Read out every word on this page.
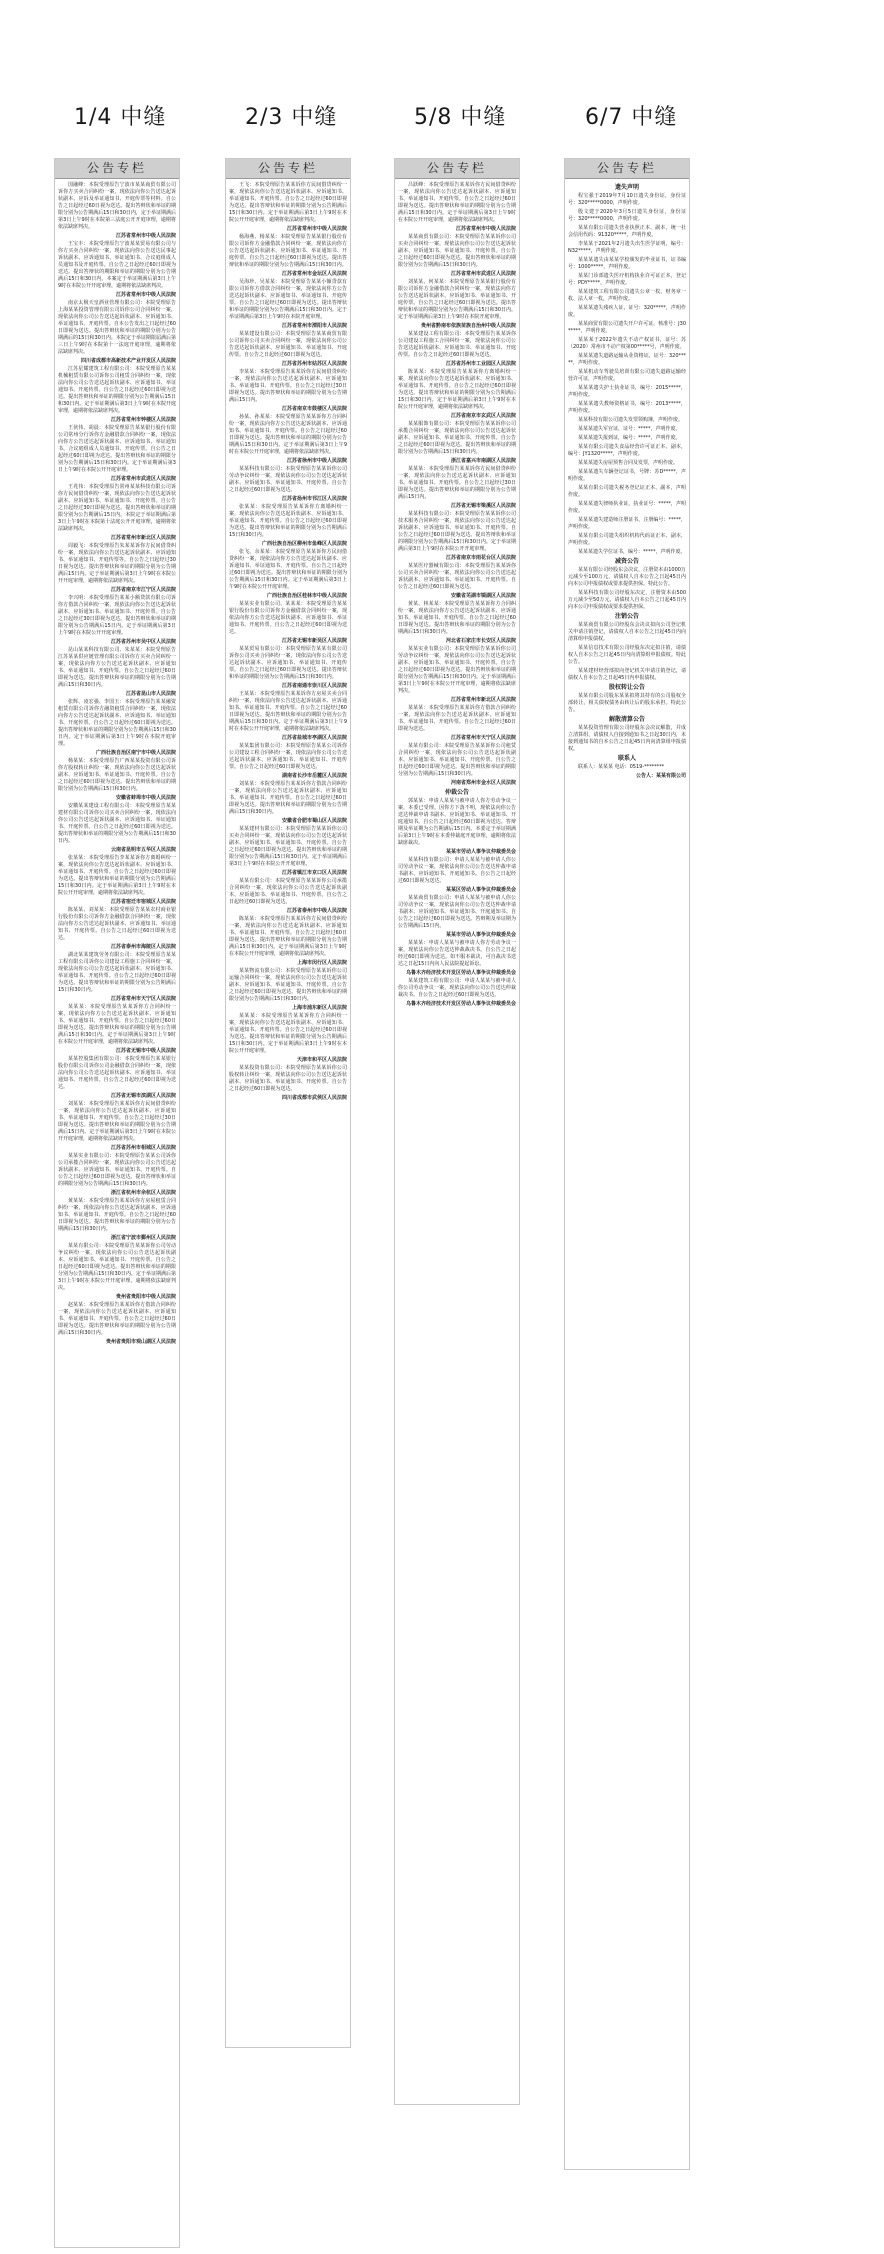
1/4 中缝	2/3 中缝	5/8 中缝	6/7 中缝
公告专栏

国融峰：本院受理原告宁波市某某商贸有限公司诉你方买卖合同纠纷一案，现依法向你公告送达起诉状副本、应诉及举证通知书、开庭传票等材料。自公告之日起经过60日视为送达。提出答辩状和举证的期限分别为公告期满后15日和30日内，定于举证期满后第3日上午9时在本院第三法庭公开开庭审理，逾期将依法缺席判决。

江苏省常州市中级人民法院

王宝丰：本院受理原告宁波某某贸易有限公司与你方买卖合同纠纷一案，现依法向你公告送达民事起诉状副本、应诉通知书、举证通知书、合议庭组成人员通知书及开庭传票。自公告之日起经过60日即视为送达。提出答辩状的期限和举证的期限分别为公告期满后15日和30日内。本案定于举证期满后第3日上午9时在本院公开开庭审理，逾期将依法缺席判决。

江苏省常州市中级人民法院

南京太极天皇酒业管理有限公司：本院受理原告上海某某投资管理有限公司诉你公司合同纠纷一案，现依法向你公司公告送达起诉状副本、应诉通知书、举证通知书、开庭传票。自本公告发出之日起经过60日即视为送达。提出答辩状和举证的期限分别为公告期满后的15日和30日内。本院定于举证期限届满后第三日上午9时在本院第十一法庭开庭审理，逾期将依法缺席判决。

四川省成都市高新技术产业开发区人民法院

江苏星耀建筑工程有限公司：本院受理原告某某机械租赁有限公司诉你公司租赁合同纠纷一案，现依法向你公司公告送达起诉状副本、应诉通知书、举证通知书、开庭传票。自公告之日起经过60日即视为送达。提出答辩状和举证的期限分别为公告期满后15日和30日内。定于举证期满后第3日上午9时在本院开庭审理，逾期将依法缺席判决。

江苏省常州市钟楼区人民法院

王侠伟、胡晨：本院受理原告某某银行股份有限公司常州分行诉你方金融借款合同纠纷一案，现依法向你方公告送达起诉状副本、应诉通知书、举证通知书、合议庭组成人员通知书、开庭传票。自公告之日起经过60日即视为送达。提出答辩状和举证的期限分别为公告期满后15日和30日内。定于举证期满后第3日上午9时在本院公开开庭审理。

江苏省常州市武进区人民法院

王兆伟：本院受理原告常州某某科技有限公司诉你方民间借贷纠纷一案，现依法向你公告送达起诉状副本、应诉通知书、举证通知书、开庭传票。自公告之日起经过30日即视为送达。提出答辩状和举证的期限分别为公告期满后15日内。本院定于举证期满后第3日上午9时在本院第十法庭公开开庭审理，逾期将依法缺席判决。

江苏省常州市新北区人民法院

周毅飞：本院受理原告朱某某诉你方民间借贷纠纷一案，现依法向你公告送达起诉状副本、应诉通知书、举证通知书、开庭传票等。自公告之日起经过30日视为送达。提出答辩状和举证的期限分别为公告期满后15日内。定于举证期满后第3日上午9时在本院公开开庭审理，逾期将依法缺席判决。

江苏省南京市江宁区人民法院

李兴明：本院受理原告某某小额贷款有限公司诉你方借款合同纠纷一案，现依法向你公告送达起诉状副本、应诉通知书、举证通知书、开庭传票。自公告之日起经过30日即视为送达。提出答辩状和举证的期限分别为公告期满后15日内。定于举证期满后第3日上午9时在本院公开开庭审理。

江苏省苏州市吴中区人民法院

昆山某某科技有限公司、朱某某：本院受理原告江苏某某供应链管理有限公司诉你方买卖合同纠纷一案，现依法向你方公告送达起诉状副本、应诉通知书、举证通知书、开庭传票。自公告之日起经过60日即视为送达。提出答辩状和举证的期限分别为公告期满后15日和30日内。

江苏省昆山市人民法院

张辉、凌宏强、李国玉：本院受理原告某某融资租赁有限公司诉你方融资租赁合同纠纷一案，现依法向你方公告送达起诉状副本、应诉通知书、举证通知书、开庭传票。自公告之日起经过60日即视为送达。提出答辩状和举证的期限分别为公告期满后15日和30日内。定于举证期满后第3日上午9时在本院开庭审理。

广西壮族自治区南宁市中级人民法院

杨某某：本院受理原告广西某某投资有限公司诉你方股权转让纠纷一案，现依法向你公告送达起诉状副本、应诉通知书、举证通知书、开庭传票。自公告之日起经过60日即视为送达。提出答辩状和举证的期限分别为公告期满后15日和30日内。

安徽省蚌埠市中级人民法院

安徽某某建设工程有限公司：本院受理原告某某建材有限公司诉你公司买卖合同纠纷一案，现依法向你公司公告送达起诉状副本、应诉通知书、举证通知书、开庭传票。自公告之日起经过60日即视为送达。提出答辩状和举证的期限分别为公告期满后15日和30日内。

云南省昆明市五华区人民法院

张某某：本院受理原告李某某诉你方离婚纠纷一案，现依法向你公告送达起诉状副本、应诉通知书、举证通知书、开庭传票。自公告之日起经过60日即视为送达。提出答辩状和举证的期限分别为公告期满后15日和30日内。定于举证期满后第3日上午9时在本院公开开庭审理，逾期将依法缺席判决。

江苏省宿迁市宿城区人民法院

陈某某、刘某某：本院受理原告某某农村商业银行股份有限公司诉你方金融借款合同纠纷一案，现依法向你方公告送达起诉状副本、应诉通知书、举证通知书、开庭传票。自公告之日起经过60日即视为送达。

江苏省泰州市海陵区人民法院

湖北某某建筑劳务有限公司：本院受理原告某某工程有限公司诉你公司建设工程施工合同纠纷一案，现依法向你公司公告送达起诉状副本、应诉通知书、举证通知书、开庭传票。自公告之日起经过60日即视为送达。提出答辩状和举证的期限分别为公告期满后15日和30日内。

江苏省常州市天宁区人民法院

某某某：本院受理原告某某诉你方合同纠纷一案，现依法向你方公告送达起诉状副本、应诉通知书、举证通知书、开庭传票。自公告之日起经过60日即视为送达。提出答辩状和举证的期限分别为公告期满后15日和30日内。定于举证期满后第3日上午9时在本院公开开庭审理，逾期将依法缺席判决。

江苏省无锡市中级人民法院

某某控股集团有限公司：本院受理原告某某银行股份有限公司诉你公司金融借款合同纠纷一案，现依法向你公司公告送达起诉状副本、应诉通知书、举证通知书、开庭传票。自公告之日起经过60日即视为送达。

江苏省无锡市滨湖区人民法院

刘某某：本院受理原告某某诉你方民间借贷纠纷一案，现依法向你公告送达起诉状副本、应诉通知书、举证通知书、开庭传票。自公告之日起经过30日即视为送达。提出答辩状和举证的期限分别为公告期满后15日内。定于举证期满后第3日上午9时在本院公开开庭审理，逾期将依法缺席判决。

江苏省苏州市相城区人民法院

某某实业有限公司：本院受理原告某某公司诉你公司承揽合同纠纷一案，现依法向你公司公告送达起诉状副本、应诉通知书、举证通知书、开庭传票。自公告之日起经过60日即视为送达。提出答辩状和举证的期限分别为公告期满后15日和30日内。

浙江省杭州市余杭区人民法院

黄某某：本院受理原告某某诉你方房屋租赁合同纠纷一案，现依法向你公告送达起诉状副本、应诉通知书、举证通知书、开庭传票。自公告之日起经过60日即视为送达。提出答辩状和举证的期限分别为公告期满后15日和30日内。

浙江省宁波市鄞州区人民法院

某某有限公司：本院受理原告某某诉你公司劳动争议纠纷一案，现依法向你公司公告送达起诉状副本、应诉通知书、举证通知书、开庭传票。自公告之日起经过60日即视为送达。提出答辩状和举证的期限分别为公告期满后15日和30日内。定于举证期满后第3日上午9时在本院公开开庭审理，逾期将依法缺席判决。

贵州省贵阳市中级人民法院

赵某某：本院受理原告某某诉你方借款合同纠纷一案，现依法向你公告送达起诉状副本、应诉通知书、举证通知书、开庭传票。自公告之日起经过60日即视为送达。提出答辩状和举证的期限分别为公告期满后15日和30日内。

贵州省贵阳市观山湖区人民法院

公告专栏

王飞：本院受理原告某某诉你方民间借贷纠纷一案，现依法向你公告送达起诉状副本、应诉通知书、举证通知书、开庭传票。自公告之日起经过60日即视为送达。提出答辩状和举证的期限分别为公告期满后15日和30日内。定于举证期满后第3日上午9时在本院公开开庭审理，逾期将依法缺席判决。

江苏省常州市中级人民法院

杨海燕、杨某某：本院受理原告某某银行股份有限公司诉你方金融借款合同纠纷一案，现依法向你方公告送达起诉状副本、应诉通知书、举证通知书、开庭传票。自公告之日起经过60日即视为送达。提出答辩状和举证的期限分别为公告期满后15日和30日内。

江苏省常州市金坛区人民法院

吴海珍、吴某某：本院受理原告某某小额贷款有限公司诉你方借款合同纠纷一案，现依法向你方公告送达起诉状副本、应诉通知书、举证通知书、开庭传票。自公告之日起经过60日即视为送达。提出答辩状和举证的期限分别为公告期满后15日和30日内。定于举证期满后第3日上午9时在本院开庭审理。

江苏省常州市溧阳市人民法院

某某建设有限公司：本院受理原告某某商贸有限公司诉你公司买卖合同纠纷一案，现依法向你公司公告送达起诉状副本、应诉通知书、举证通知书、开庭传票。自公告之日起经过60日即视为送达。

江苏省苏州市姑苏区人民法院

李某某：本院受理原告某某诉你方民间借贷纠纷一案，现依法向你公告送达起诉状副本、应诉通知书、举证通知书、开庭传票。自公告之日起经过30日即视为送达。提出答辩状和举证的期限分别为公告期满后15日内。

江苏省南京市鼓楼区人民法院

孙某、孙某某：本院受理原告某某诉你方合同纠纷一案，现依法向你方公告送达起诉状副本、应诉通知书、举证通知书、开庭传票。自公告之日起经过60日即视为送达。提出答辩状和举证的期限分别为公告期满后15日和30日内。定于举证期满后第3日上午9时在本院公开开庭审理，逾期将依法缺席判决。

江苏省徐州市中级人民法院

某某科技有限公司：本院受理原告某某诉你公司劳动争议纠纷一案，现依法向你公司公告送达起诉状副本、应诉通知书、举证通知书、开庭传票。自公告之日起经过60日即视为送达。

江苏省扬州市邗江区人民法院

张某某：本院受理原告某某诉你方离婚纠纷一案，现依法向你公告送达起诉状副本、应诉通知书、举证通知书、开庭传票。自公告之日起经过60日即视为送达。提出答辩状和举证的期限分别为公告期满后15日和30日内。

广西壮族自治区柳州市鱼峰区人民法院

张飞、余某某：本院受理原告某某诉你方民间借贷纠纷一案，现依法向你方公告送达起诉状副本、应诉通知书、举证通知书、开庭传票。自公告之日起经过60日即视为送达。提出答辩状和举证的期限分别为公告期满后15日和30日内。定于举证期满后第3日上午9时在本院公开开庭审理。

广西壮族自治区桂林市中级人民法院

某某实业有限公司、某某某：本院受理原告某某银行股份有限公司诉你方金融借款合同纠纷一案，现依法向你方公告送达起诉状副本、应诉通知书、举证通知书、开庭传票。自公告之日起经过60日即视为送达。

江苏省无锡市新吴区人民法院

某某贸易有限公司：本院受理原告某某有限公司诉你公司买卖合同纠纷一案，现依法向你公司公告送达起诉状副本、应诉通知书、举证通知书、开庭传票。自公告之日起经过60日即视为送达。提出答辩状和举证的期限分别为公告期满后15日和30日内。

江苏省南通市崇川区人民法院

王某某：本院受理原告某某诉你方房屋买卖合同纠纷一案，现依法向你公告送达起诉状副本、应诉通知书、举证通知书、开庭传票。自公告之日起经过60日即视为送达。提出答辩状和举证的期限分别为公告期满后15日和30日内。定于举证期满后第3日上午9时在本院公开开庭审理，逾期将依法缺席判决。

江苏省盐城市亭湖区人民法院

某某集团有限公司：本院受理原告某某公司诉你公司建设工程合同纠纷一案，现依法向你公司公告送达起诉状副本、应诉通知书、举证通知书、开庭传票。自公告之日起经过60日即视为送达。

湖南省长沙市岳麓区人民法院

刘某某：本院受理原告某某诉你方借款合同纠纷一案，现依法向你公告送达起诉状副本、应诉通知书、举证通知书、开庭传票。自公告之日起经过60日即视为送达。提出答辩状和举证的期限分别为公告期满后15日和30日内。

安徽省合肥市蜀山区人民法院

某某建材有限公司：本院受理原告某某诉你公司买卖合同纠纷一案，现依法向你公司公告送达起诉状副本、应诉通知书、举证通知书、开庭传票。自公告之日起经过60日即视为送达。提出答辩状和举证的期限分别为公告期满后15日和30日内。定于举证期满后第3日上午9时在本院公开开庭审理。

江苏省镇江市京口区人民法院

某某有限公司：本院受理原告某某诉你公司承揽合同纠纷一案，现依法向你公司公告送达起诉状副本、应诉通知书、举证通知书、开庭传票。自公告之日起经过60日即视为送达。

江苏省泰州市中级人民法院

陈某某：本院受理原告某某诉你方民间借贷纠纷一案，现依法向你公告送达起诉状副本、应诉通知书、举证通知书、开庭传票。自公告之日起经过60日即视为送达。提出答辩状和举证的期限分别为公告期满后15日和30日内。定于举证期满后第3日上午9时在本院公开开庭审理，逾期将依法缺席判决。

上海市闵行区人民法院

某某物流有限公司：本院受理原告某某诉你公司运输合同纠纷一案，现依法向你公司公告送达起诉状副本、应诉通知书、举证通知书、开庭传票。自公告之日起经过60日即视为送达。提出答辩状和举证的期限分别为公告期满后15日和30日内。

上海市浦东新区人民法院

某某某：本院受理原告某某诉你方合同纠纷一案，现依法向你公告送达起诉状副本、应诉通知书、举证通知书、开庭传票。自公告之日起经过60日即视为送达。提出答辩状和举证的期限分别为公告期满后15日和30日内。定于举证期满后第3日上午9时在本院公开开庭审理。

天津市和平区人民法院

某某投资有限公司：本院受理原告某某诉你公司股权转让纠纷一案，现依法向你公司公告送达起诉状副本、应诉通知书、举证通知书、开庭传票。自公告之日起经过60日即视为送达。

四川省成都市武侯区人民法院

公告专栏

吕跃峰：本院受理原告某某诉你方民间借贷纠纷一案，现依法向你公告送达起诉状副本、应诉通知书、举证通知书、开庭传票。自公告之日起经过60日即视为送达。提出答辩状和举证的期限分别为公告期满后15日和30日内。定于举证期满后第3日上午9时在本院公开开庭审理，逾期将依法缺席判决。

江苏省常州市中级人民法院

某某商贸有限公司：本院受理原告某某诉你公司买卖合同纠纷一案，现依法向你公司公告送达起诉状副本、应诉通知书、举证通知书、开庭传票。自公告之日起经过60日即视为送达。提出答辩状和举证的期限分别为公告期满后15日和30日内。

江苏省常州市武进区人民法院

刘某某、何某某：本院受理原告某某银行股份有限公司诉你方金融借款合同纠纷一案，现依法向你方公告送达起诉状副本、应诉通知书、举证通知书、开庭传票。自公告之日起经过60日即视为送达。提出答辩状和举证的期限分别为公告期满后15日和30日内。定于举证期满后第3日上午9时在本院开庭审理。

贵州省黔南布依族苗族自治州中级人民法院

某某建设工程有限公司：本院受理原告某某诉你公司建设工程施工合同纠纷一案，现依法向你公司公告送达起诉状副本、应诉通知书、举证通知书、开庭传票。自公告之日起经过60日即视为送达。

江苏省苏州市工业园区人民法院

陈某某：本院受理原告某某诉你方离婚纠纷一案，现依法向你公告送达起诉状副本、应诉通知书、举证通知书、开庭传票。自公告之日起经过60日即视为送达。提出答辩状和举证的期限分别为公告期满后15日和30日内。定于举证期满后第3日上午9时在本院公开开庭审理，逾期将依法缺席判决。

江苏省南京市玄武区人民法院

某某服饰有限公司：本院受理原告某某诉你公司承揽合同纠纷一案，现依法向你公司公告送达起诉状副本、应诉通知书、举证通知书、开庭传票。自公告之日起经过60日即视为送达。提出答辩状和举证的期限分别为公告期满后15日和30日内。

浙江省嘉兴市南湖区人民法院

某某某：本院受理原告某某诉你方民间借贷纠纷一案，现依法向你公告送达起诉状副本、应诉通知书、举证通知书、开庭传票。自公告之日起经过30日即视为送达。提出答辩状和举证的期限分别为公告期满后15日内。

江苏省无锡市梁溪区人民法院

某某科技有限公司：本院受理原告某某诉你公司技术服务合同纠纷一案，现依法向你公司公告送达起诉状副本、应诉通知书、举证通知书、开庭传票。自公告之日起经过60日即视为送达。提出答辩状和举证的期限分别为公告期满后15日和30日内。定于举证期满后第3日上午9时在本院公开开庭审理。

江苏省南京市雨花台区人民法院

某某医疗器械有限公司：本院受理原告某某诉你公司买卖合同纠纷一案，现依法向你公司公告送达起诉状副本、应诉通知书、举证通知书、开庭传票。自公告之日起经过60日即视为送达。

安徽省芜湖市镜湖区人民法院

黄某、林某某：本院受理原告某某诉你方合同纠纷一案，现依法向你方公告送达起诉状副本、应诉通知书、举证通知书、开庭传票。自公告之日起经过60日即视为送达。提出答辩状和举证的期限分别为公告期满后15日和30日内。

河北省石家庄市长安区人民法院

某某实业有限公司：本院受理原告某某诉你公司劳动争议纠纷一案，现依法向你公司公告送达起诉状副本、应诉通知书、举证通知书、开庭传票。自公告之日起经过60日即视为送达。提出答辩状和举证的期限分别为公告期满后15日和30日内。定于举证期满后第3日上午9时在本院公开开庭审理，逾期将依法缺席判决。

江苏省常州市新北区人民法院

某某某：本院受理原告某某诉你方借款合同纠纷一案，现依法向你公告送达起诉状副本、应诉通知书、举证通知书、开庭传票。自公告之日起经过60日即视为送达。

江苏省常州市天宁区人民法院

某某有限公司：本院受理原告某某诉你公司租赁合同纠纷一案，现依法向你公司公告送达起诉状副本、应诉通知书、举证通知书、开庭传票。自公告之日起经过60日即视为送达。提出答辩状和举证的期限分别为公告期满后15日和30日内。

河南省郑州市金水区人民法院

仲裁公告

郭某某：申请人某某与被申请人你方劳动争议一案，本委已受理。因你方下落不明，现依法向你公告送达仲裁申请书副本、应诉通知书、举证通知书、开庭通知书。自公告之日起经过60日即视为送达。答辩期及举证期为公告期满后15日内。本委定于举证期满后第3日上午9时在本委仲裁庭开庭审理，逾期将依法缺席裁决。

某某市劳动人事争议仲裁委员会

某某科技有限公司：申请人某某与被申请人你公司劳动争议一案，现依法向你公司公告送达仲裁申请书副本、应诉通知书、开庭通知书。自公告之日起经过60日即视为送达。

某某区劳动人事争议仲裁委员会

某某商贸有限公司：申请人某某与被申请人你公司劳动争议一案，现依法向你公司公告送达仲裁申请书副本、应诉通知书、举证通知书、开庭通知书。自公告之日起经过60日即视为送达。答辩期及举证期为公告期满后15日内。

某某市劳动人事争议仲裁委员会

某某某：申请人某某与被申请人你方劳动争议一案，现依法向你公告送达仲裁裁决书。自公告之日起经过60日即视为送达。如不服本裁决，可自裁决书送达之日起15日内向人民法院提起诉讼。

乌鲁木齐经济技术开发区劳动人事争议仲裁委员会

某某建筑工程有限公司：申请人某某与被申请人你公司劳动争议一案，现依法向你公司公告送达仲裁裁决书。自公告之日起经过60日即视为送达。

乌鲁木齐经济技术开发区劳动人事争议仲裁委员会

公告专栏

遗失声明

程宝强于2019年7月10日遗失身份证，身份证号：320*****0000，声明作废。

殷文建于2020年3月5日遗失身份证，身份证号：320*****0000，声明作废。

某某有限公司遗失营业执照正本、副本，统一社会信用代码：91320*****，声明作废。

李某某于2021年2月遗失出生医学证明，编号：N32*****，声明作废。

某某某遗失由某某学校颁发的毕业证书，证书编号：1000*****，声明作废。

某某门诊部遗失医疗机构执业许可证正本，登记号：PDY*****，声明作废。

某某建筑工程有限公司遗失公章一枚、财务章一枚、法人章一枚，声明作废。

某某某遗失残疾人证，证号：320*****，声明作废。

某某商贸有限公司遗失开户许可证，核准号：J30*****，声明作废。

某某某于2022年遗失不动产权证书，证号：苏（2020）常州市不动产权第00*****号，声明作废。

某某某遗失道路运输从业资格证，证号：320*****，声明作废。

某某机动车驾驶员培训有限公司遗失道路运输经营许可证，声明作废。

某某某遗失护士执业证书，编号：2015*****，声明作废。

某某某遗失教师资格证书，编号：2013*****，声明作废。

某某科技有限公司遗失发票领购簿，声明作废。

某某某遗失军官证，证号：*****，声明作废。

某某某遗失报到证，编号：*****，声明作废。

某某有限公司遗失食品经营许可证正本、副本，编号：JY1320*****，声明作废。

某某某遗失房屋预售合同及发票，声明作废。

某某某遗失车辆登记证书，号牌：苏D*****，声明作废。

某某有限公司遗失税务登记证正本、副本，声明作废。

某某某遗失律师执业证，执业证号：*****，声明作废。

某某某遗失建造师注册证书，注册编号：*****，声明作废。

某某有限公司遗失组织机构代码证正本、副本，声明作废。

某某某遗失学位证书，编号：*****，声明作废。

减资公告

某某有限公司经股东会决议，注册资本由1000万元减少至100万元，请债权人自本公告之日起45日内向本公司申报债权或要求提供担保。特此公告。

某某科技有限公司经股东决定，注册资本由500万元减少至50万元，请债权人自本公告之日起45日内向本公司申报债权或要求提供担保。

注销公告

某某商贸有限公司经股东会决议拟向公司登记机关申请注销登记，请债权人自本公告之日起45日内向清算组申报债权。

某某信息技术有限公司经股东决定拟注销，请债权人自本公告之日起45日内向清算组申报债权。特此公告。

某某建材经营部拟向登记机关申请注销登记，请债权人自本公告之日起45日内申报债权。

股权转让公告

某某有限公司股东某某拟将其持有的公司股权全部转让，相关债权债务由转让后的股东承担。特此公告。

解散清算公告

某某投资管理有限公司经股东会决议解散，并成立清算组，请债权人自接到通知书之日起30日内，未接到通知书的自本公告之日起45日内向清算组申报债权。

联系人

联系人：某某某 电话：0519-********

公告人：某某有限公司
